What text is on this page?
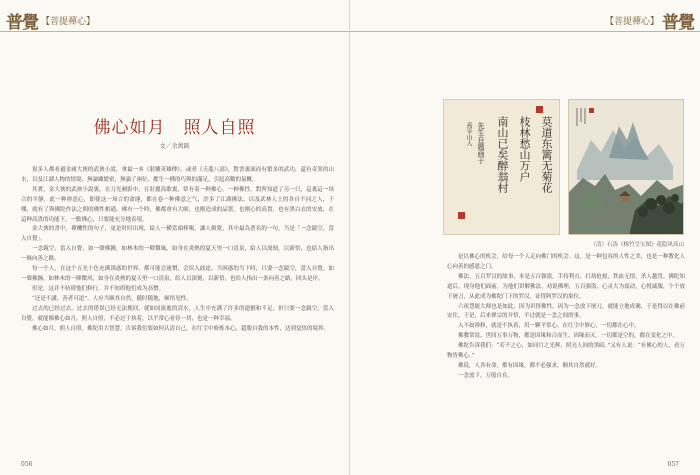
普覺 【菩提禪心】
佛心如月　照人自照
文／余萬銘

很多人都看過金庸大俠的武俠小說，拿最一本《射雕英雄傳》，或者《天龍八部》，對書裏面而有繁多的武功，還有奇異的山水，以及江湖人物的情境，無論雖繁密，無論了兩位，都生一種的巧與的滿足，引起高數的氣概。

其實，金大俠的武俠小說裏，在刀光劍影中，在壯麗高歌裏，常有着一种佛心。一种佛性，對所知道了另一只，這裏這一场合的平靜，此一种禅意心，即使这一场合的命運，都在卷一种佛意之气，許多了江湖佛法，以及武林人士的各自不同之人，于哪，就有了與佛陀作法之間的佛性相通。佛有一个時，佛都會有大師，也刚造成的品質。也刚心的高貴，也有黑白衣的安放，在這种高貴的功能下，一點佛心，只要能充分地表現。

金大俠的書中，禪機性的句子，更是时时出现，給人一種當頭棒喝，讓人頓覺，其中最為著名的一句，当是「一念鏡空，當入自覺」。

一念鏡空，當入自覺，如一聲佛鐘，如林木的一陣微風，如身在炎熱的夏天里一口清泉，給人以深刻，以新悟，也給人指出一條向善之路。

每一个人，在这个五光十色充满诱惑的世界，都可能会迷惘，会误入歧途。当困惑的当下時，只要一念鏡空，當入自覺，如一聲佛鐘，如林木的一陣微风，如身在炎熱的夏天里一口清泉，给人以深刻，以新悟，也给人指出一条向善之路，回头是岸。

但是，这并不妨碍他们修行，并不妨碍他们成为高僧。

“还是不講，善者可道”，人应当顺其自然，随时随地，顿悟见性。

过去的已经过去，过去的错误已经无法挽回，就如同流逝的清水，人生中充满了许多的遗憾和不足，但只要一念鏡空，當入自覺，就能像佛心如月，照人自照，不必过于执着，以平常心看待一切，也是一种幸福。

佛心如月，照人自照，佛陀用大智慧，告诉我们要如何认清自己，在红尘中修炼本心，超脱自我的本性，达到觉悟的境界。

056
【菩提禪心】 普覺

是以佛心的机会，给每一个人走向佛门的机会。这，是一种包容的人性之美，也是一种教化人心向善的感恩之门。

佛法，五百罗汉的故事，本是五百强盗，手持利刃，打劫抢掠，铁血无情，杀人越货。佛陀知道后，现身他们面前，为他们讲解佛法，劝说佛理，五百强盗，心灵大为震动，心悦诚服，个个放下屠刀，从此成为佛陀门下的罗汉，证得阿罗汉的果位。

六祖慧能大师也是如此，因为识得佛性，因为一念放下屠刀，就能立地成佛，于是得以在佛前安住，于是，后来禅宗的开悟，不过就是一念之间的事。

入不如禅修，就是不执着，用一颗平常心，在红尘中修心，一切都在心中。

佛教常说，世间万事万物，都是因缘和合而生，因缘而灭。一切都是空的，都在变化之中。

佛陀告诉我们：“若不之心，如同月之光辉，照亮人间的黑暗。”又有人说：“有佛心的人，看万物皆佛心。”

佛说，人各有命，都有因缘，都不必强求，顺其自然就好。

一念放下，万般自在。

057
莫道东篱无菊花
枝林愁山万户
南山已矣醉翁村
先生自题画于
真宰山人
（清）石涛《梅竹呈宝图》花隐风高山
